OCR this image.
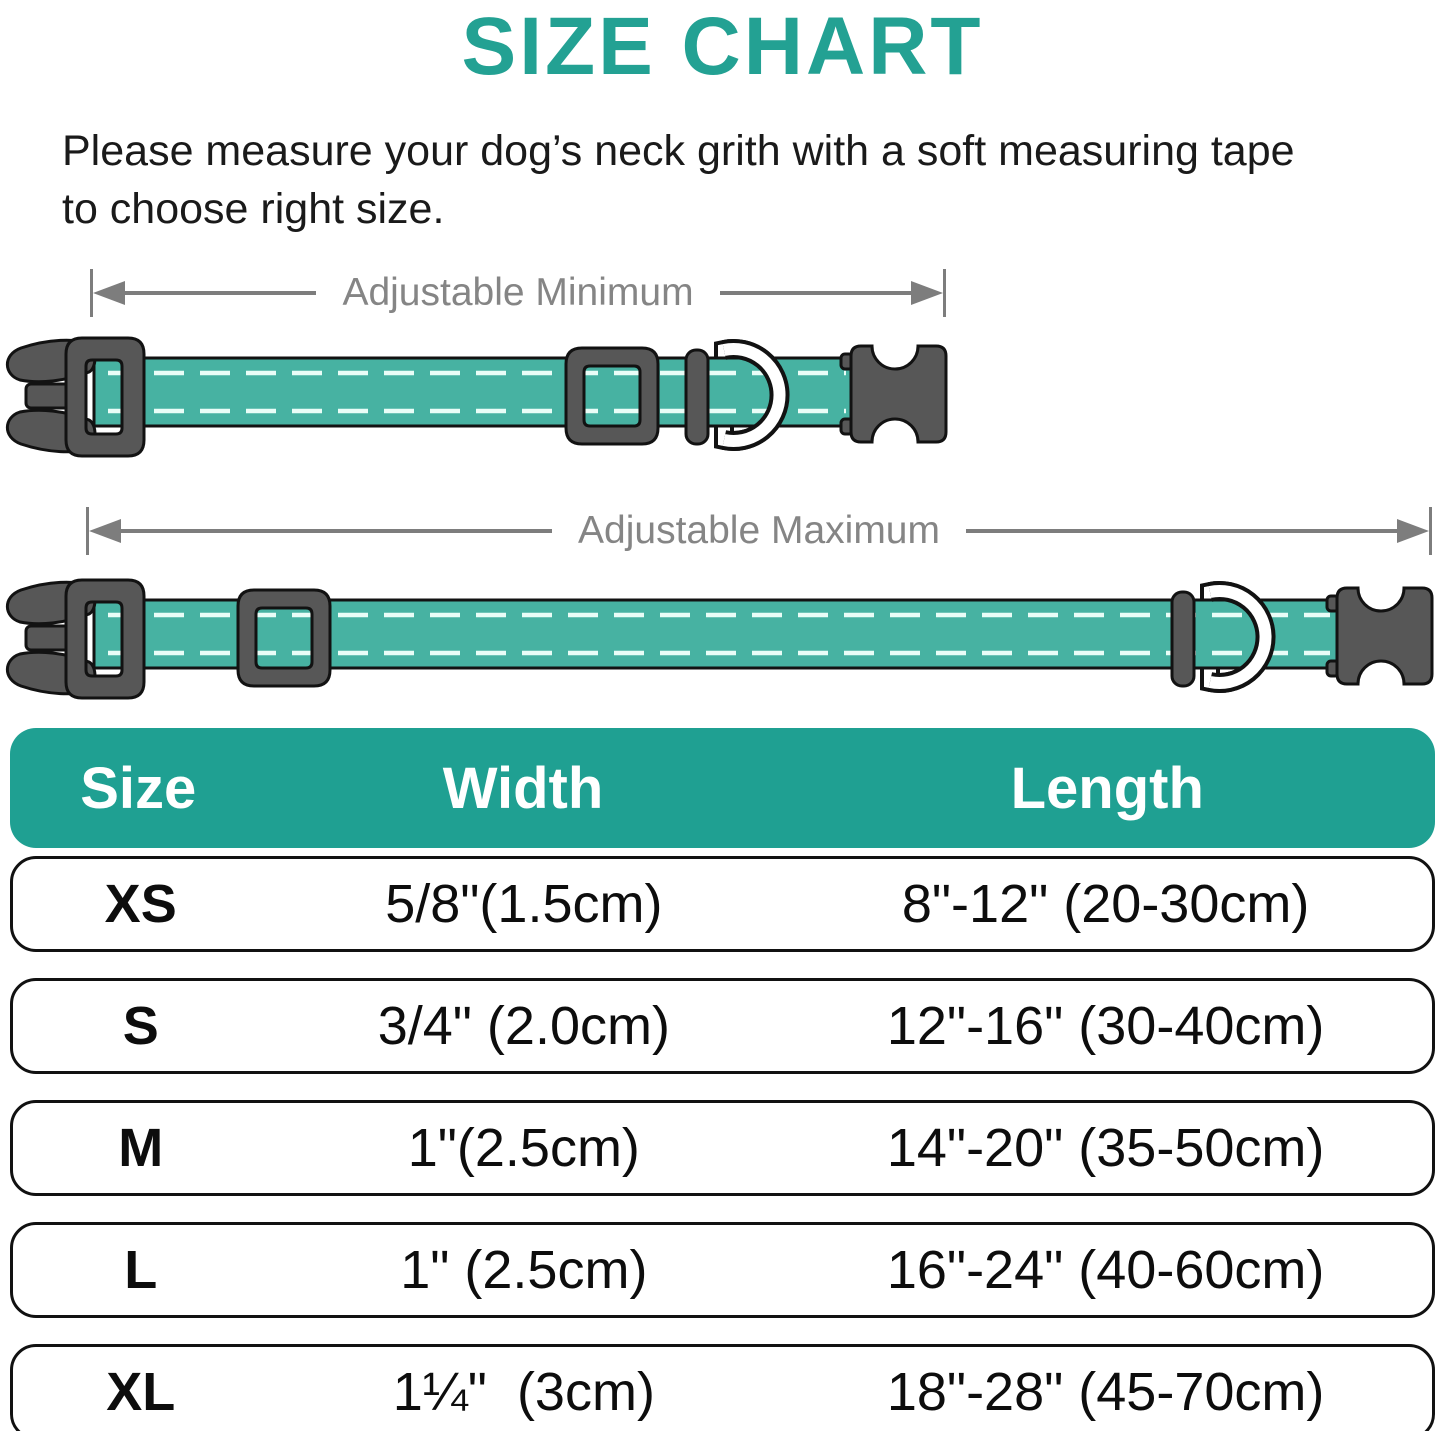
SIZE CHART
Please measure your dog’s neck grith with a soft measuring tape
to choose right size.
Adjustable Minimum
Adjustable Maximum
Size	Width	Length
XS	5/8"(1.5cm)	8"-12" (20-30cm)
S	3/4" (2.0cm)	12"-16" (30-40cm)
M	1"(2.5cm)	14"-20" (35-50cm)
L	1" (2.5cm)	16"-24" (40-60cm)
XL	1¼"  (3cm)	18"-28" (45-70cm)
